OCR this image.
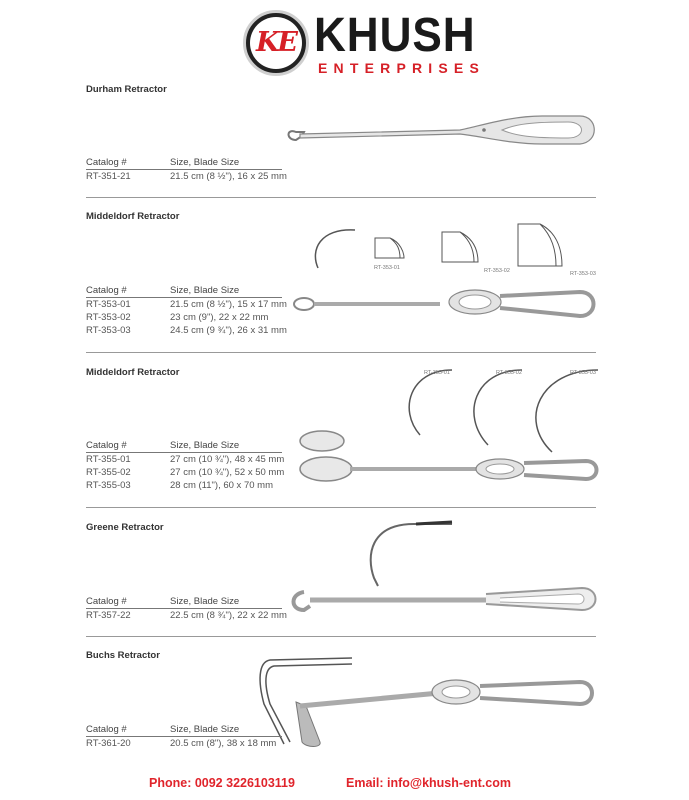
KE KHUSH
ENTERPRISES
Durham Retractor
Catalog #	Size, Blade Size
RT-351-21	21.5 cm (8 ½"), 16 x 25 mm
Middeldorf Retractor
RT-353-01	RT-353-02	RT-353-03
Catalog #	Size, Blade Size
RT-353-01	21.5 cm (8 ½"), 15 x 17 mm
RT-353-02	23 cm (9"), 22 x 22 mm
RT-353-03	24.5 cm (9 ¾"), 26 x 31 mm
Middeldorf Retractor	RT-355-01	RT-355-02	RT-355-03
Catalog #	Size, Blade Size
RT-355-01	27 cm (10 ¾"), 48 x 45 mm
RT-355-02	27 cm (10 ¾"), 52 x 50 mm
RT-355-03	28 cm (11"), 60 x 70 mm
Greene Retractor
Catalog #	Size, Blade Size
RT-357-22	22.5 cm (8 ¾"), 22 x 22 mm
Buchs Retractor
Catalog #	Size, Blade Size
RT-361-20	20.5 cm (8"), 38 x 18 mm
Phone: 0092 3226103119	Email: info@khush-ent.com
